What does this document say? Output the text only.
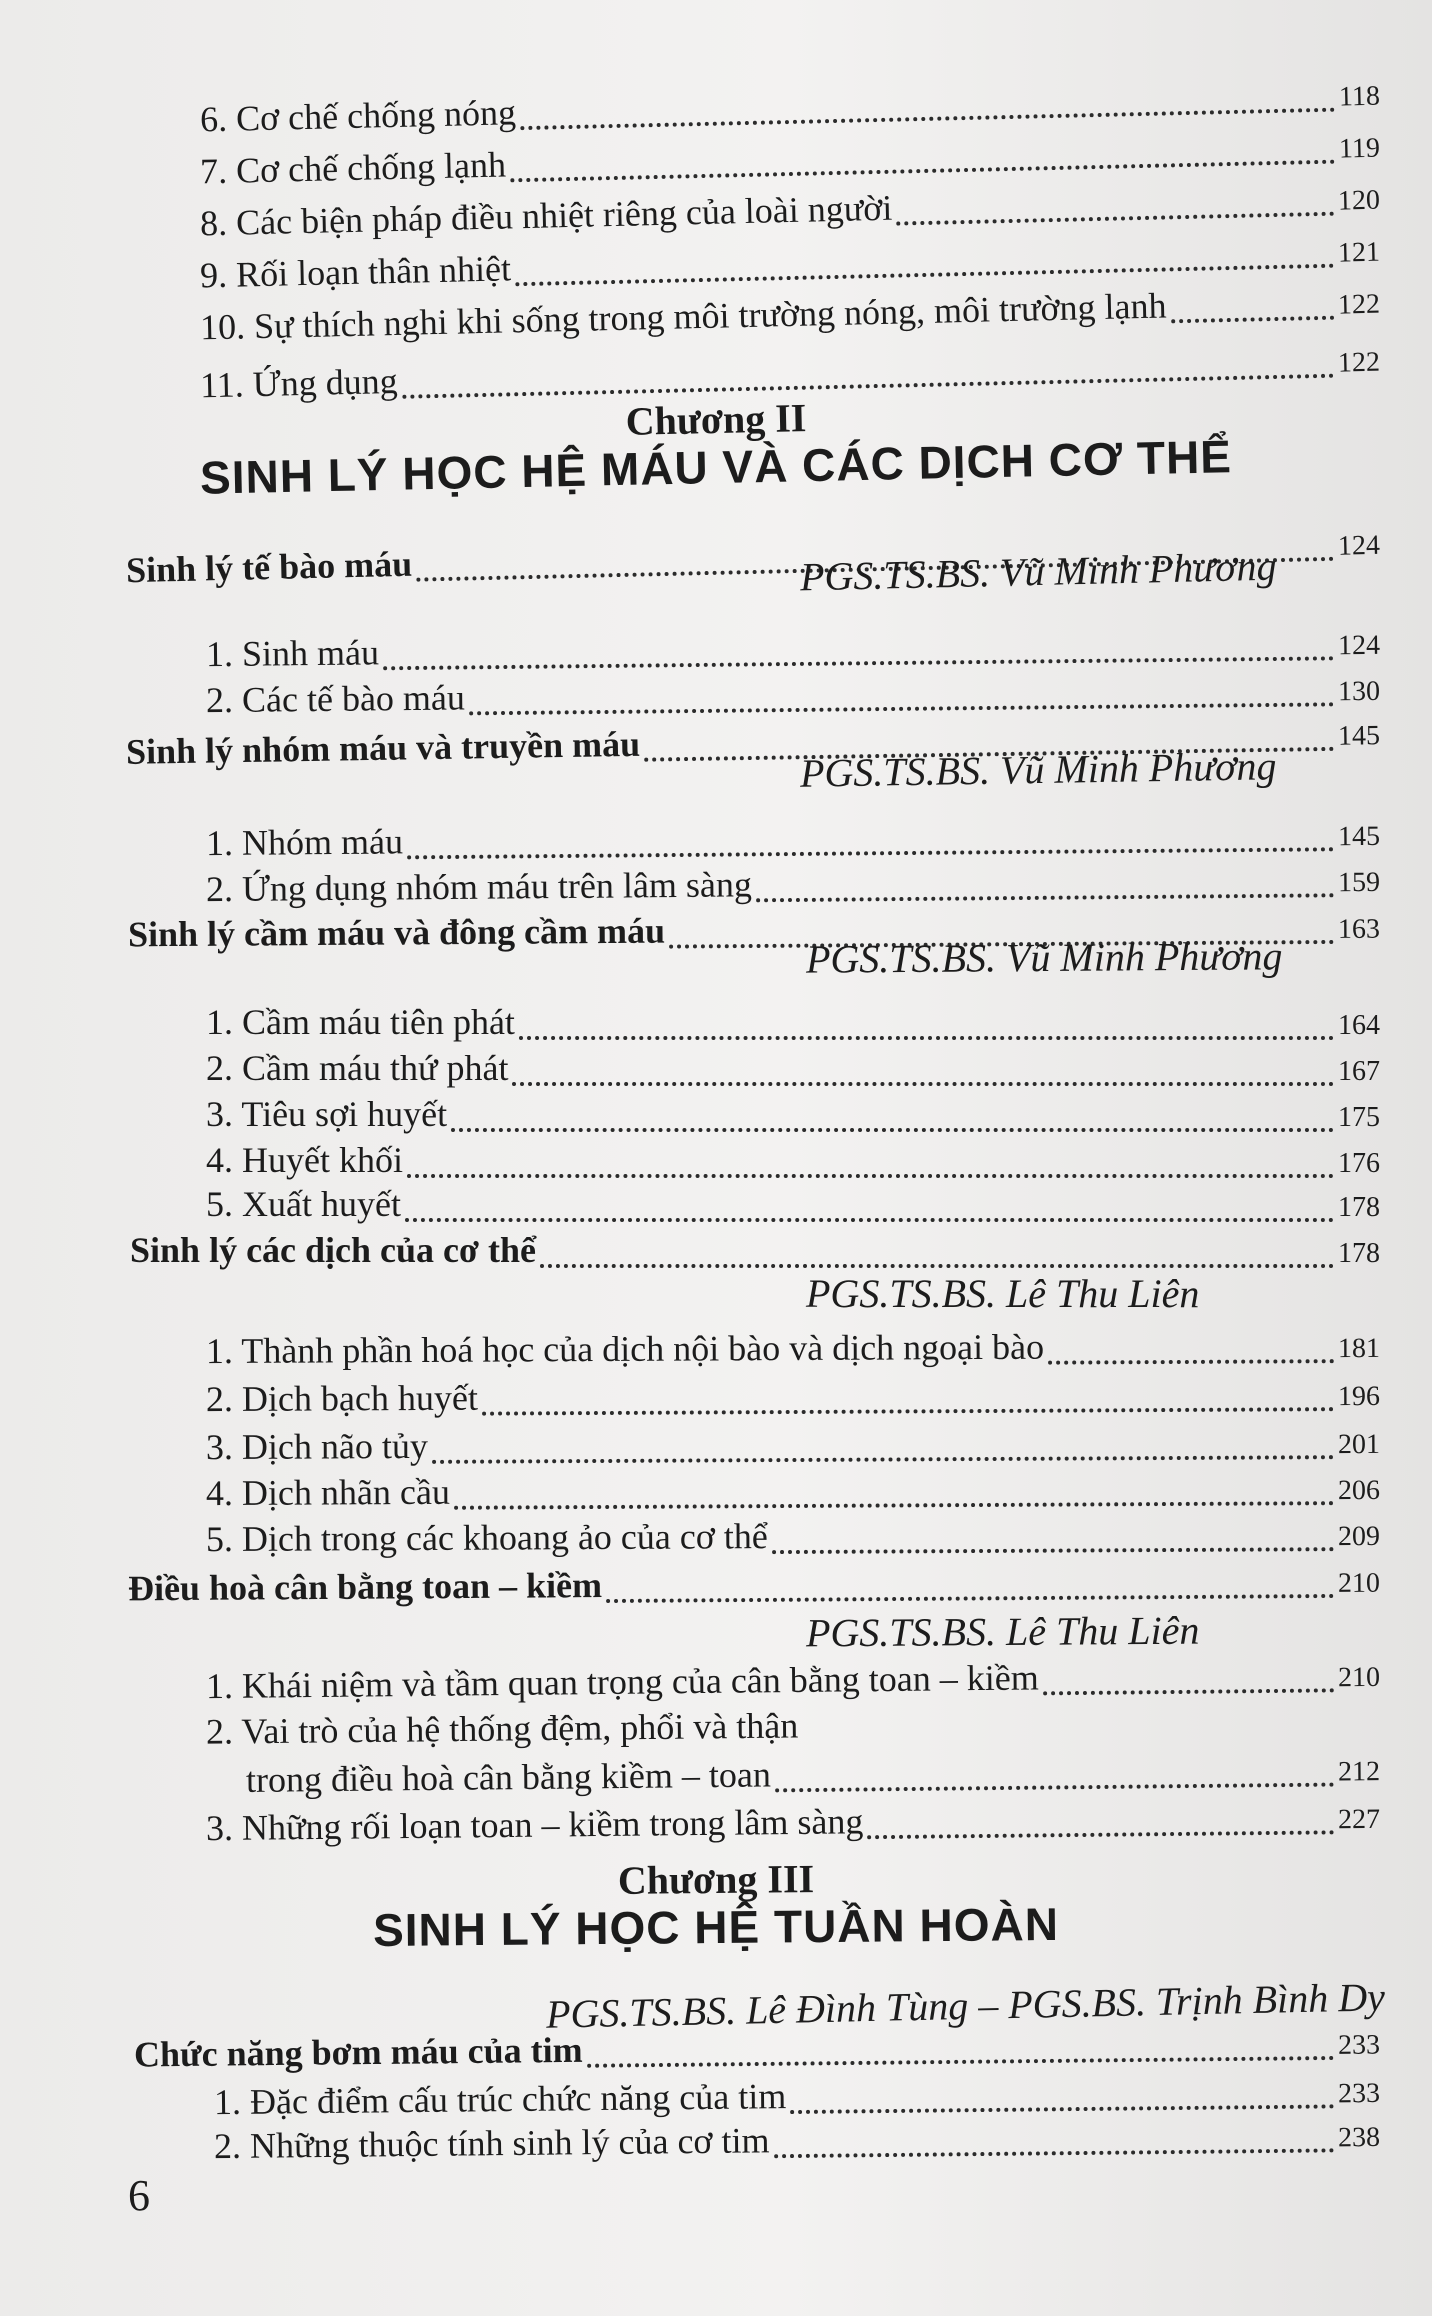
6. Cơ chế chống nóng	118
7. Cơ chế chống lạnh	119
8. Các biện pháp điều nhiệt riêng của loài người	120
9. Rối loạn thân nhiệt	121
10. Sự thích nghi khi sống trong môi trường nóng, môi trường lạnh	122
11. Ứng dụng	122
Chương II
SINH LÝ HỌC HỆ MÁU VÀ CÁC DỊCH CƠ THỂ
Sinh lý tế bào máu	124
PGS.TS.BS. Vũ Minh Phương
1. Sinh máu	124
2. Các tế bào máu	130
Sinh lý nhóm máu và truyền máu	145
PGS.TS.BS. Vũ Minh Phương
1. Nhóm máu	145
2. Ứng dụng nhóm máu trên lâm sàng	159
Sinh lý cầm máu và đông cầm máu	163
PGS.TS.BS. Vũ Minh Phương
1. Cầm máu tiên phát	164
2. Cầm máu thứ phát	167
3. Tiêu sợi huyết	175
4. Huyết khối	176
5. Xuất huyết	178
Sinh lý các dịch của cơ thể	178
PGS.TS.BS. Lê Thu Liên
1. Thành phần hoá học của dịch nội bào và dịch ngoại bào	181
2. Dịch bạch huyết	196
3. Dịch não tủy	201
4. Dịch nhãn cầu	206
5. Dịch trong các khoang ảo của cơ thể	209
Điều hoà cân bằng toan – kiềm	210
PGS.TS.BS. Lê Thu Liên
1. Khái niệm và tầm quan trọng của cân bằng toan – kiềm	210
2. Vai trò của hệ thống đệm, phổi và thận
trong điều hoà cân bằng kiềm – toan	212
3. Những rối loạn toan – kiềm trong lâm sàng	227
Chương III
SINH LÝ HỌC HỆ TUẦN HOÀN
PGS.TS.BS. Lê Đình Tùng – PGS.BS. Trịnh Bình Dy
Chức năng bơm máu của tim	233
1. Đặc điểm cấu trúc chức năng của tim	233
2. Những thuộc tính sinh lý của cơ tim	238
6
